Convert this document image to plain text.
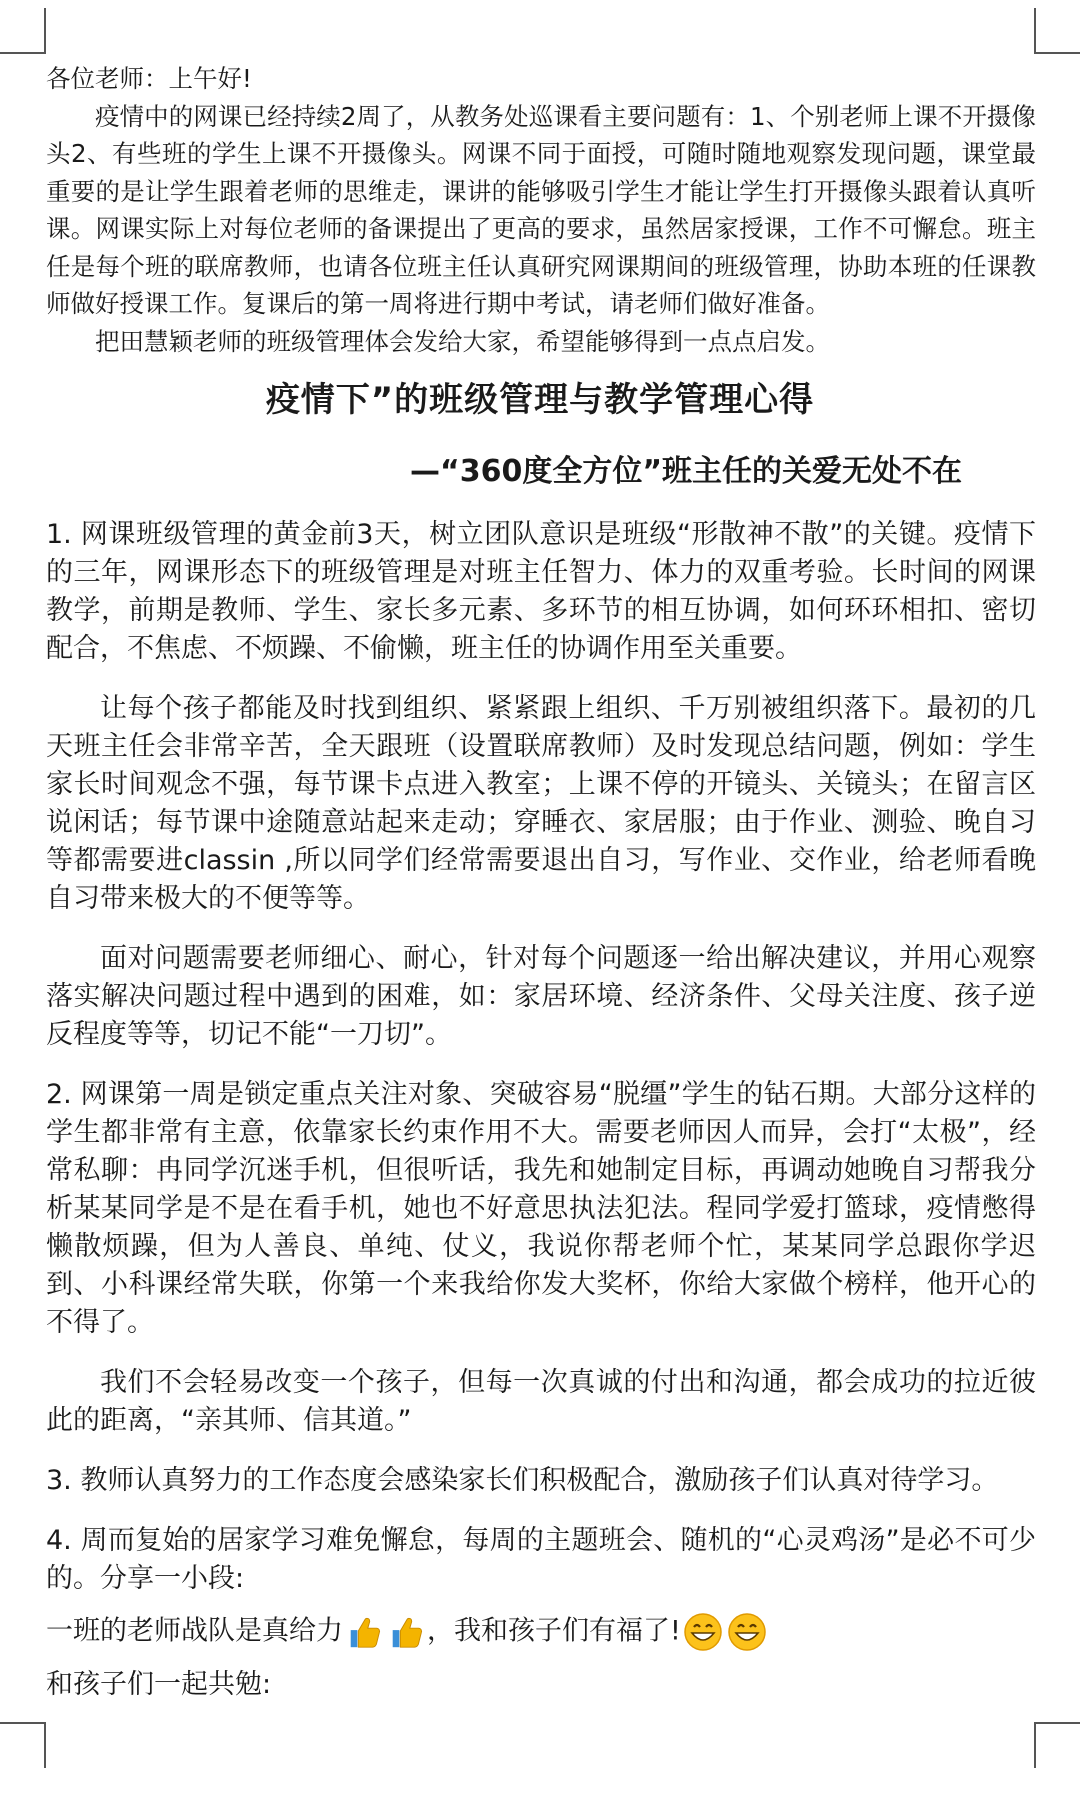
各位老师：上午好!

疫情中的网课已经持续2周了，从教务处巡课看主要问题有：1、个别老师上课不开摄像头2、有些班的学生上课不开摄像头。网课不同于面授，可随时随地观察发现问题，课堂最重要的是让学生跟着老师的思维走，课讲的能够吸引学生才能让学生打开摄像头跟着认真听课。网课实际上对每位老师的备课提出了更高的要求，虽然居家授课，工作不可懈怠。班主任是每个班的联席教师，也请各位班主任认真研究网课期间的班级管理，协助本班的任课教师做好授课工作。复课后的第一周将进行期中考试，请老师们做好准备。

把田慧颖老师的班级管理体会发给大家，希望能够得到一点点启发。

疫情下”的班级管理与教学管理心得
—“360度全方位”班主任的关爱无处不在

1. 网课班级管理的黄金前3天，树立团队意识是班级“形散神不散”的关键。疫情下的三年，网课形态下的班级管理是对班主任智力、体力的双重考验。长时间的网课教学，前期是教师、学生、家长多元素、多环节的相互协调，如何环环相扣、密切配合，不焦虑、不烦躁、不偷懒，班主任的协调作用至关重要。

让每个孩子都能及时找到组织、紧紧跟上组织、千万别被组织落下。最初的几天班主任会非常辛苦，全天跟班（设置联席教师）及时发现总结问题，例如：学生家长时间观念不强，每节课卡点进入教室；上课不停的开镜头、关镜头；在留言区说闲话；每节课中途随意站起来走动；穿睡衣、家居服；由于作业、测验、晚自习等都需要进classin ,所以同学们经常需要退出自习，写作业、交作业，给老师看晚自习带来极大的不便等等。

面对问题需要老师细心、耐心，针对每个问题逐一给出解决建议，并用心观察落实解决问题过程中遇到的困难，如：家居环境、经济条件、父母关注度、孩子逆反程度等等，切记不能“一刀切”。

2. 网课第一周是锁定重点关注对象、突破容易“脱缰”学生的钻石期。大部分这样的学生都非常有主意，依靠家长约束作用不大。需要老师因人而异，会打“太极”，经常私聊：冉同学沉迷手机，但很听话，我先和她制定目标，再调动她晚自习帮我分析某某同学是不是在看手机，她也不好意思执法犯法。程同学爱打篮球，疫情憋得懒散烦躁，但为人善良、单纯、仗义，我说你帮老师个忙，某某同学总跟你学迟到、小科课经常失联，你第一个来我给你发大奖杯，你给大家做个榜样，他开心的不得了。

我们不会轻易改变一个孩子，但每一次真诚的付出和沟通，都会成功的拉近彼此的距离，“亲其师、信其道。”

3. 教师认真努力的工作态度会感染家长们积极配合，激励孩子们认真对待学习。

4. 周而复始的居家学习难免懈怠，每周的主题班会、随机的“心灵鸡汤”是必不可少的。分享一小段:

一班的老师战队是真给力	，我和孩子们有福了!

和孩子们一起共勉:
